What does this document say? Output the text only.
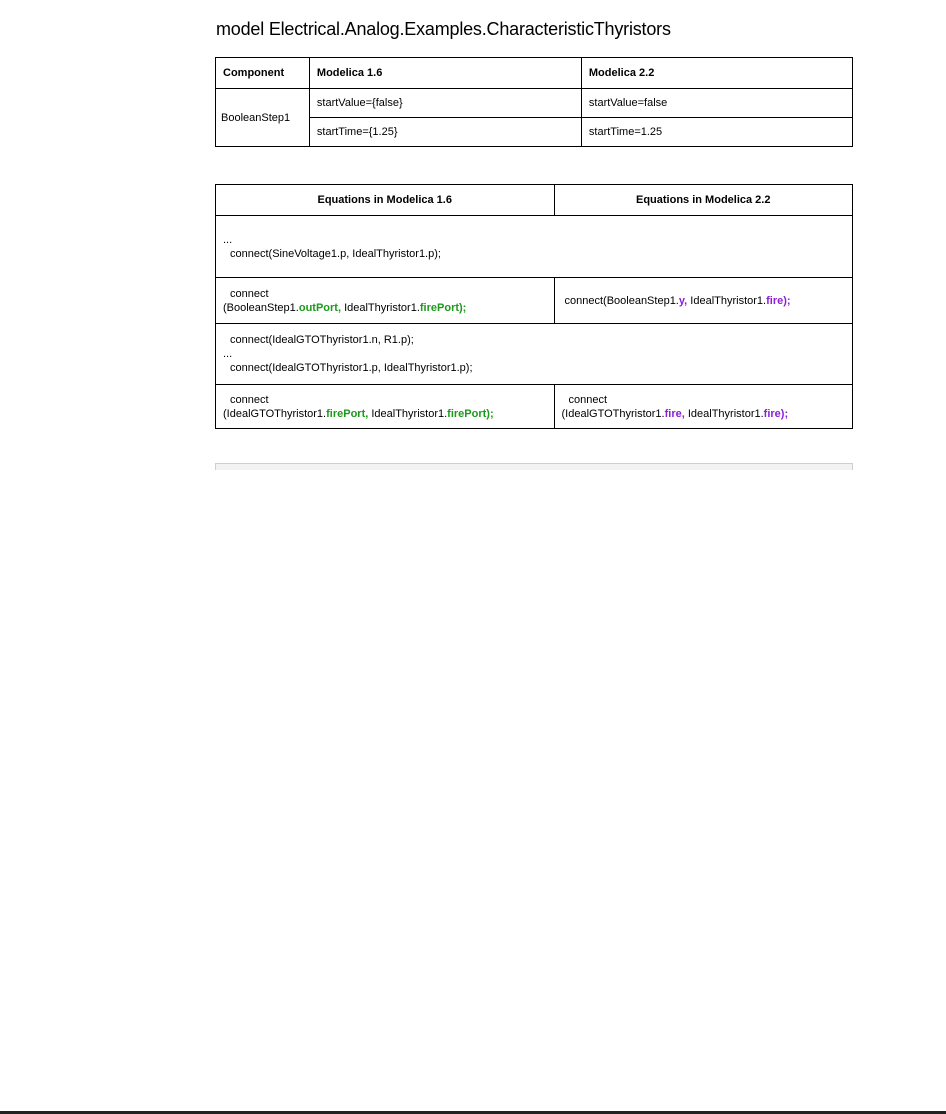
model Electrical.Analog.Examples.CharacteristicThyristors
Component	Modelica 1.6	Modelica 2.2
BooleanStep1	startValue={false}	startValue=false
	startTime={1.25}	startTime=1.25
Equations in Modelica 1.6	Equations in Modelica 2.2

...
connect(SineVoltage1.p, IdealThyristor1.p);	

connect
(BooleanStep1.outPort, IdealThyristor1.firePort);	connect(BooleanStep1.y, IdealThyristor1.fire);

connect(IdealGTOThyristor1.n, R1.p);
...
connect(IdealGTOThyristor1.p, IdealThyristor1.p);	

connect
(IdealGTOThyristor1.firePort, IdealThyristor1.firePort);	connect
(IdealGTOThyristor1.fire, IdealThyristor1.fire);
